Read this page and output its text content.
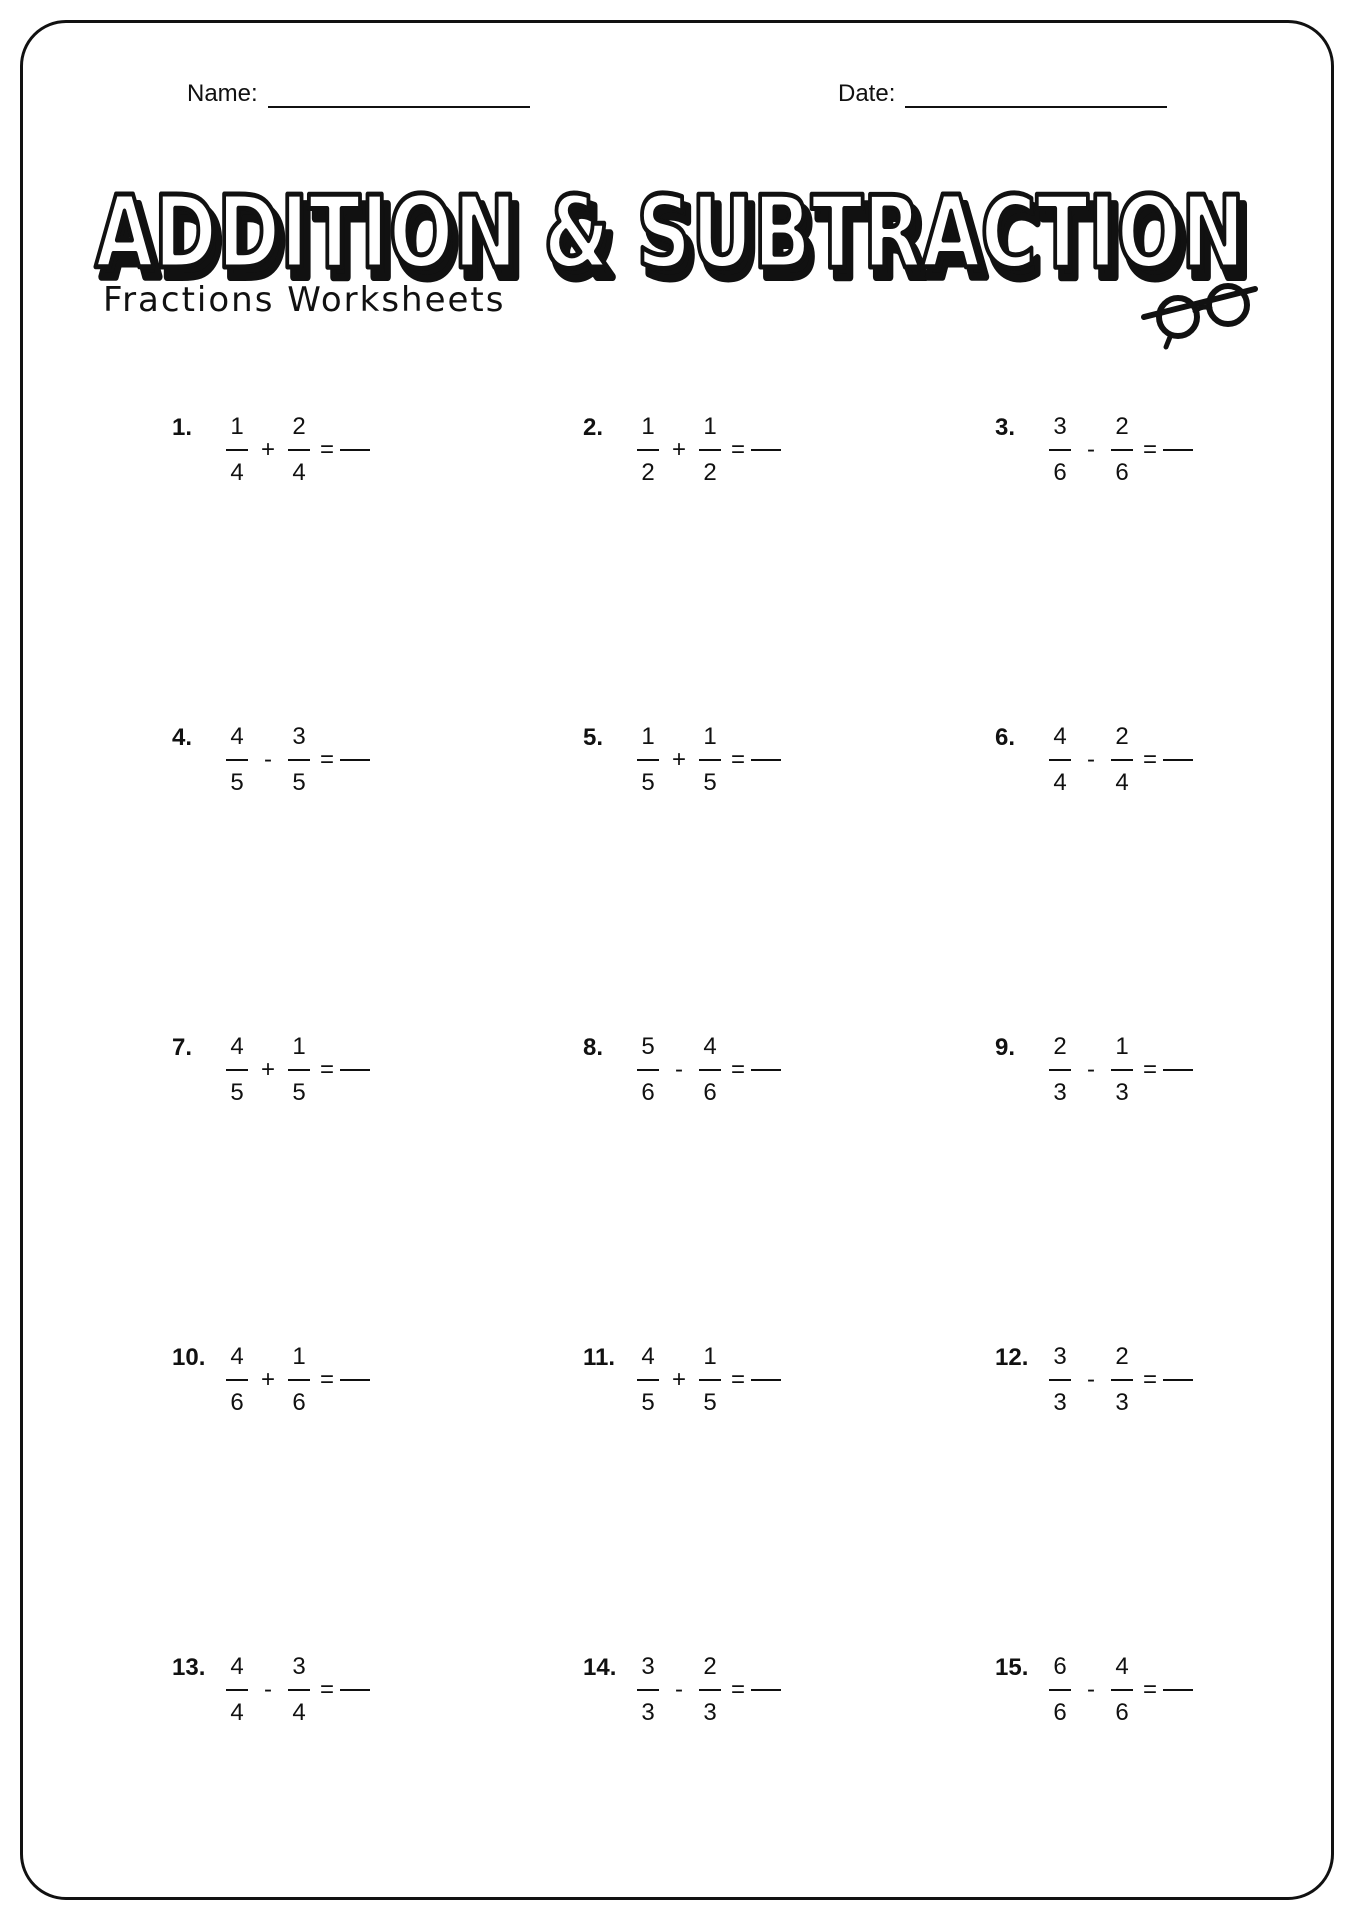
Name:	Date:
ADDITION & SUBTRACTION
ADDITION & SUBTRACTION
Fractions Worksheets
1.	$\frac{1}{4} + \frac{2}{4}$ =
2.	$\frac{1}{2} + \frac{1}{2}$ =
3.	$\frac{3}{6} - \frac{2}{6}$ =
4.	$\frac{4}{5} - \frac{3}{5}$ =
5.	$\frac{1}{5} + \frac{1}{5}$ =
6.	$\frac{4}{4} - \frac{2}{4}$ =
7.	$\frac{4}{5} + \frac{1}{5}$ =
8.	$\frac{5}{6} - \frac{4}{6}$ =
9.	$\frac{2}{3} - \frac{1}{3}$ =
10. $\frac{4}{6} + \frac{1}{6}$ =
11. $\frac{4}{5} + \frac{1}{5}$ =
12. $\frac{3}{3} - \frac{2}{3}$ =
13. $\frac{4}{4} - \frac{3}{4}$ =
14. $\frac{3}{3} - \frac{2}{3}$ =
15. $\frac{6}{6} - \frac{4}{6}$ =
